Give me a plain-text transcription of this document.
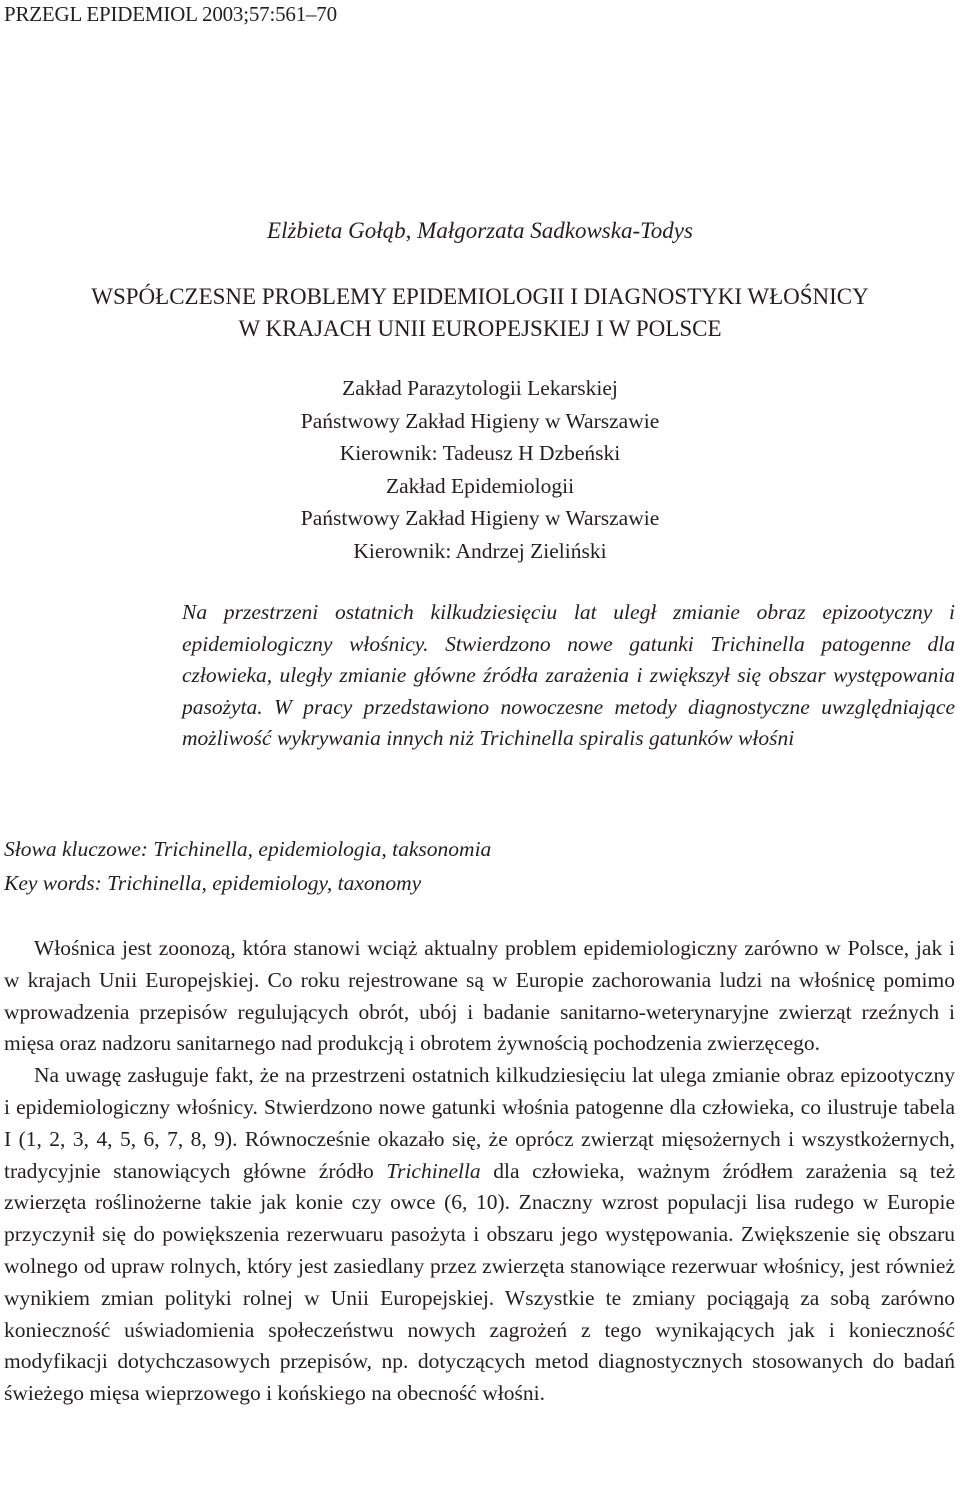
PRZEGL EPIDEMIOL 2003;57:561–70
Elżbieta Gołąb, Małgorzata Sadkowska-Todys
WSPÓŁCZESNE PROBLEMY EPIDEMIOLOGII I DIAGNOSTYKI WŁOŚNICY
W KRAJACH UNII EUROPEJSKIEJ I W POLSCE
Zakład Parazytologii Lekarskiej
Państwowy Zakład Higieny w Warszawie
Kierownik: Tadeusz H Dzbeński
Zakład Epidemiologii
Państwowy Zakład Higieny w Warszawie
Kierownik: Andrzej Zieliński
Na przestrzeni ostatnich kilkudziesięciu lat uległ zmianie obraz epizootyczny i epidemiologiczny włośnicy. Stwierdzono nowe gatunki Trichinella patogenne dla człowieka, uległy zmianie główne źródła zarażenia i zwiększył się obszar występowania pasożyta. W pracy przedstawiono nowoczesne metody diagnostyczne uwzględniające możliwość wykrywania innych niż Trichinella spiralis gatunków włośni
Słowa kluczowe: Trichinella, epidemiologia, taksonomia
Key words: Trichinella, epidemiology, taxonomy

Włośnica jest zoonozą, która stanowi wciąż aktualny problem epidemiologiczny zarówno w Polsce, jak i w krajach Unii Europejskiej. Co roku rejestrowane są w Europie zachorowania ludzi na włośnicę pomimo wprowadzenia przepisów regulujących obrót, ubój i badanie sanitarno-weterynaryjne zwierząt rzeźnych i mięsa oraz nadzoru sanitarnego nad produkcją i obrotem żywnością pochodzenia zwierzęcego.

Na uwagę zasługuje fakt, że na przestrzeni ostatnich kilkudziesięciu lat ulega zmianie obraz epizootyczny i epidemiologiczny włośnicy. Stwierdzono nowe gatunki włośnia patogenne dla człowieka, co ilustruje tabela I (1, 2, 3, 4, 5, 6, 7, 8, 9). Równocześnie okazało się, że oprócz zwierząt mięsożernych i wszystkożernych, tradycyjnie stanowiących główne źródło Trichinella dla człowieka, ważnym źródłem zarażenia są też zwierzęta roślinożerne takie jak konie czy owce (6, 10). Znaczny wzrost populacji lisa rudego w Europie przyczynił się do powiększenia rezerwuaru pasożyta i obszaru jego występowania. Zwiększenie się obszaru wolnego od upraw rolnych, który jest zasiedlany przez zwierzęta stanowiące rezerwuar włośnicy, jest również wynikiem zmian polityki rolnej w Unii Europejskiej. Wszystkie te zmiany pociągają za sobą zarówno konieczność uświadomienia społeczeństwu nowych zagrożeń z tego wynikających jak i konieczność modyfikacji dotychczasowych przepisów, np. dotyczących metod diagnostycznych stosowanych do badań świeżego mięsa wieprzowego i końskiego na obecność włośni.
